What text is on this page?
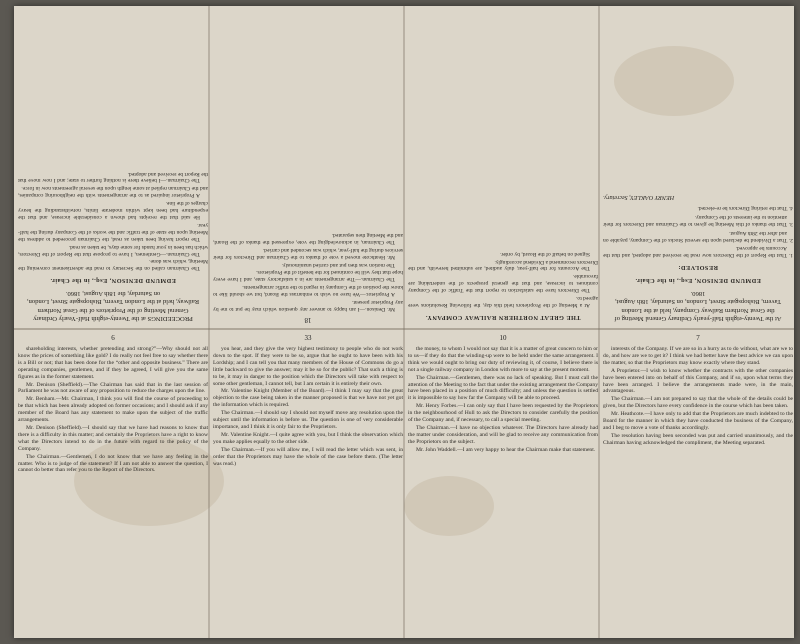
PROCEEDINGS at the Twenty-eighth Half-Yearly Ordinary General Meeting of the Proprietors of the Great Northern Railway, held at the London Tavern, Bishopsgate Street, London, on Saturday, the 18th August, 1860.
EDMUND DENISON, Esq., in the Chair.
The Chairman called on the Secretary to read the advertisement convening the Meeting, which was done.
The Chairman.—Gentlemen, I have to propose that the Report of the Directors, which has been in your hands for some days, be taken as read.
The report having been taken as read, the Chairman proceeded to address the Meeting upon the state of the traffic and the works of the Company during the half-year.
He said that the receipts had shown a considerable increase, and that the expenditure had been kept within moderate limits, notwithstanding the heavy charges of the line.
A Proprietor inquired as to the arrangements with the neighbouring companies, and the Chairman replied at some length upon the several agreements now in force.
The Chairman.—I believe there is nothing further to state; and I now move that the Report be received and adopted.
18
Mr. Denison.—I am happy to answer any question which may be put to me by any Proprietor present.
A Proprietor.—We have no wish to embarrass the Board, but we should like to know the position of the Company in regard to the traffic arrangements.
The Chairman.—The arrangements are in a satisfactory state, and I have every hope that they will be continued for the benefit of the Proprietors.
The motion was then put and carried unanimously.
Mr. Heathcote moved a vote of thanks to the Chairman and Directors for their services during the half-year, which was seconded and carried.
The Chairman, in acknowledging the vote, expressed the thanks of the Board, and the Meeting then separated.
THE GREAT NORTHERN RAILWAY COMPANY.
At a Meeting of the Proprietors held this day, the following Resolutions were agreed to.
The Directors have the satisfaction to report that the Traffic of the Company continues to increase, and that the general prospects of the undertaking are favourable.
The Accounts for the half-year, duly audited, are submitted herewith, and the Directors recommend a Dividend accordingly.
Signed on behalf of the Board, by order.
At the Twenty-eighth Half-yearly Ordinary General Meeting of the Great Northern Railway Company, held at the London Tavern, Bishopsgate Street, London, on Saturday, 18th August, 1860.
EDMUND DENISON, Esq., in the Chair.
RESOLVED:
1. That the Report of the Directors now read be received and adopted, and that the Accounts be approved.
2. That a Dividend be declared upon the several Stocks of the Company, payable on and after the 28th August.
3. That the thanks of this Meeting be given to the Chairman and Directors for their attention to the interests of the Company.
4. That the retiring Directors be re-elected.
HENRY OAKLEY, Secretary.
6
shareholding interests, whether pretending and strong?”—Why should not all know the prices of something like gold? I do really not feel free to say whether there is a Bill or not; that has been done for the “other and opposite business.” There are operating companies, gentlemen, and if they be agreed, I will give you the same figures as in the former statement.
Mr. Denison (Sheffield).—The Chairman has said that in the last session of Parliament he was not aware of any proposition to reduce the charges upon the line.
Mr. Benham.—Mr. Chairman, I think you will find the course of proceeding to be that which has been already adopted on former occasions; and I should ask if any member of the Board has any statement to make upon the subject of the traffic arrangements.
Mr. Denison (Sheffield).—I should say that we have had reasons to know that there is a difficulty in this matter; and certainly the Proprietors have a right to know what the Directors intend to do in the future with regard to the policy of the Company.
The Chairman.—Gentlemen, I do not know that we have any feeling in the matter. Who is to judge of the statement? If I am not able to answer the question, I cannot do better than refer you to the Report of the Directors.
33
you hear, and they give the very highest testimony to people who do not work down to the spot. If they were to be so, argue that he ought to have been with his Lordship; and I can tell you that many members of the House of Commons do go a little backward to give the answer; may it be so for the public? That such a thing is to be, it may in danger to the position which the Directors will take with respect to some other gentleman, I cannot tell, but I am certain it is entirely their own.
Mr. Valentine Knight (Member of the Board).—I think I may say that the great objection to the case being taken in the manner proposed is that we have not yet got the information which is required.
The Chairman.—I should say I should not myself move any resolution upon the subject until the information is before us. The question is one of very considerable importance, and I think it is only fair to the Proprietors.
Mr. Valentine Knight.—I quite agree with you, but I think the observation which you make applies equally to the other side.
The Chairman.—If you will allow me, I will read the letter which was sent, in order that the Proprietors may have the whole of the case before them. (The letter was read.)
10
the money, to whom I would not say that it is a matter of great concern to him or to us—if they do that the winding-up were to be held under the same arrangement. I think we would ought to bring our duty of reviewing it, of course, I believe there is not a single railway company in London with more to say at the present moment.
The Chairman.—Gentlemen, there was no lack of speaking. But I must call the attention of the Meeting to the fact that under the existing arrangement the Company have been placed in a position of much difficulty; and unless the question is settled it is impossible to say how far the Company will be able to proceed.
Mr. Henry Forbes.—I can only say that I have been requested by the Proprietors in the neighbourhood of Hull to ask the Directors to consider carefully the position of the Company and, if necessary, to call a special meeting.
The Chairman.—I have no objection whatever. The Directors have already had the matter under consideration, and will be glad to receive any communication from the Proprietors on the subject.
Mr. John Waddell.—I am very happy to hear the Chairman make that statement.
7
interests of the Company. If we are so in a hurry as to do without, what are we to do, and how are we to get it? I think we had better have the best advice we can upon the matter, so that the Proprietors may know exactly where they stand.
A Proprietor.—I wish to know whether the contracts with the other companies have been entered into on behalf of this Company, and if so, upon what terms they have been arranged. I believe the arrangements made were, in the main, advantageous.
The Chairman.—I am not prepared to say that the whole of the details could be given, but the Directors have every confidence in the course which has been taken.
Mr. Heathcote.—I have only to add that the Proprietors are much indebted to the Board for the manner in which they have conducted the business of the Company, and I beg to move a vote of thanks accordingly.
The resolution having been seconded was put and carried unanimously, and the Chairman having acknowledged the compliment, the Meeting separated.
